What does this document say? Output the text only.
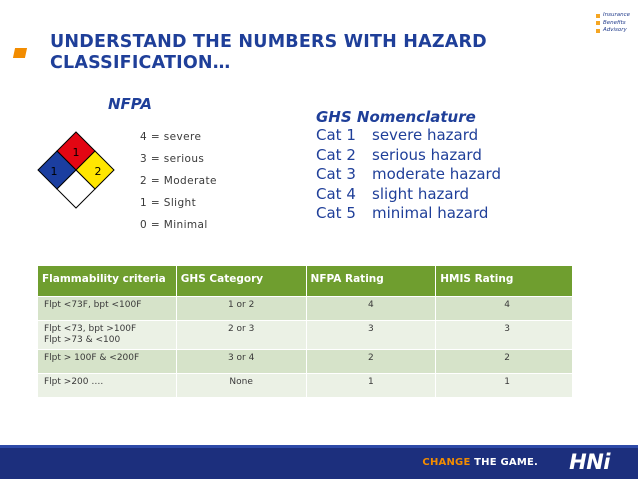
Insurance
Benefits
Advisory
UNDERSTAND THE NUMBERS WITH HAZARD
CLASSIFICATION…
NFPA
1
1	2
4 = severe
3 = serious
2 = Moderate
1 = Slight
0 = Minimal
GHS Nomenclature
Cat 1 severe hazard
Cat 2 serious hazard
Cat 3 moderate hazard
Cat 4 slight hazard
Cat 5 minimal hazard
Flammability criteria	GHS Category	NFPA Rating	HMIS Rating

Flpt <73F, bpt <100F	1 or 2	4	4

Flpt <73, bpt >100F
Flpt >73 & <100	2 or 3	3	3

Flpt > 100F & <200F	3 or 4	2	2

Flpt >200 ….	None	1	1
CHANGE THE GAME. HNi
